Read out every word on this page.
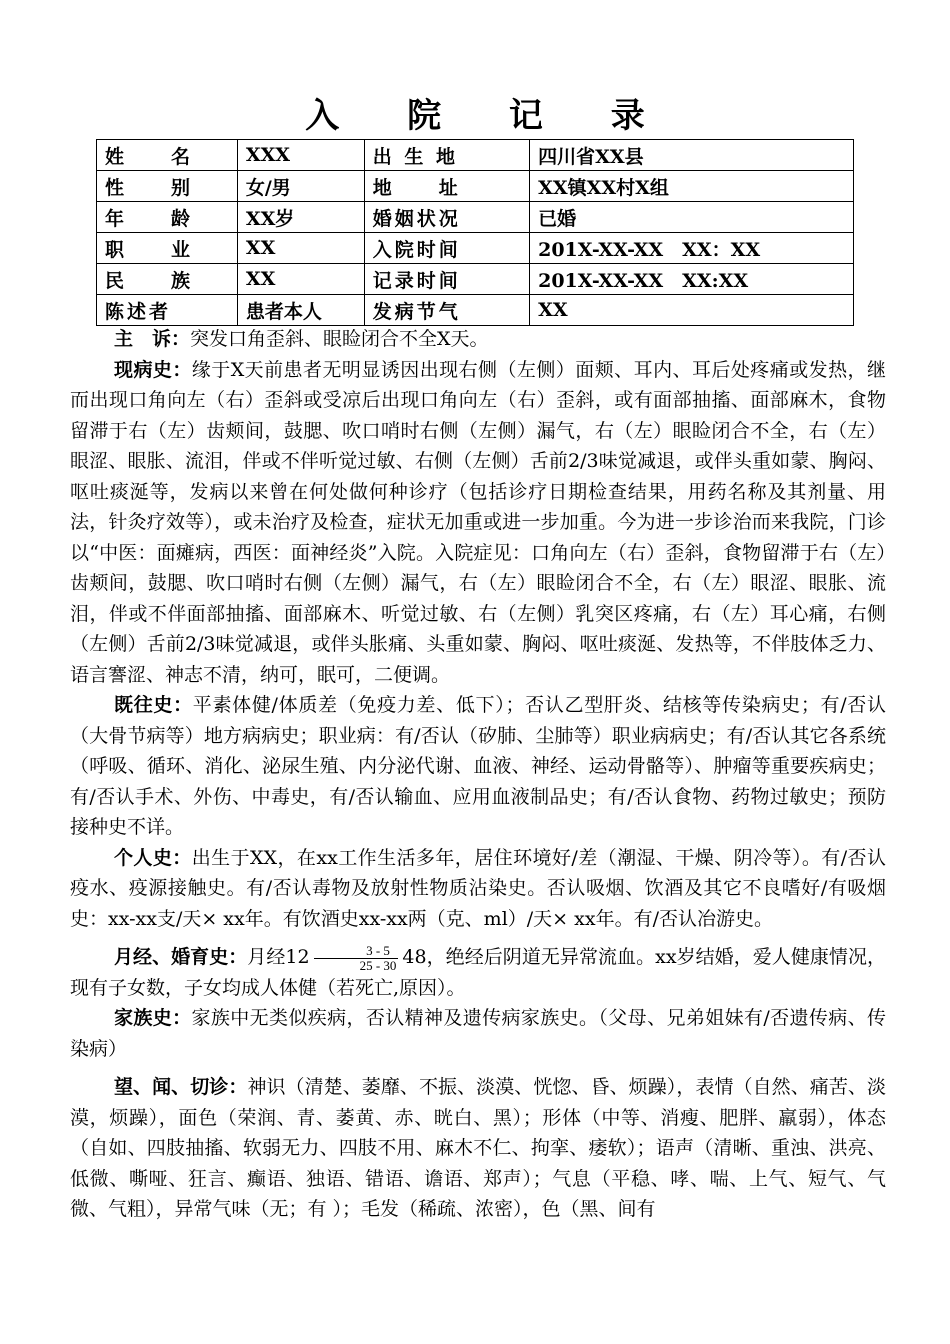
入 院 记 录
姓　　名	XXX	出 生 地	四川省XX县
性　　别	女/男	地　　址	XX镇XX村X组
年　　龄	XX岁	婚姻状况	已婚
职　　业	XX	入院时间	201X-XX-XX　XX：XX
民　　族	XX	记录时间	201X-XX-XX　XX:XX
陈述者	患者本人	发病节气	XX

主　诉：突发口角歪斜、眼睑闭合不全X天。

现病史：缘于X天前患者无明显诱因出现右侧（左侧）面颊、耳内、耳后处疼痛或发热，继而出现口角向左（右）歪斜或受凉后出现口角向左（右）歪斜，或有面部抽搐、面部麻木，食物留滞于右（左）齿颊间，鼓腮、吹口哨时右侧（左侧）漏气，右（左）眼睑闭合不全，右（左）眼涩、眼胀、流泪，伴或不伴听觉过敏、右侧（左侧）舌前2/3味觉减退，或伴头重如蒙、胸闷、呕吐痰涎等，发病以来曾在何处做何种诊疗（包括诊疗日期检查结果，用药名称及其剂量、用法，针灸疗效等），或未治疗及检查，症状无加重或进一步加重。今为进一步诊治而来我院，门诊以“中医：面瘫病，西医：面神经炎”入院。入院症见：口角向左（右）歪斜，食物留滞于右（左）齿颊间，鼓腮、吹口哨时右侧（左侧）漏气，右（左）眼睑闭合不全，右（左）眼涩、眼胀、流泪，伴或不伴面部抽搐、面部麻木、听觉过敏、右（左侧）乳突区疼痛，右（左）耳心痛，右侧（左侧）舌前2/3味觉减退，或伴头胀痛、头重如蒙、胸闷、呕吐痰涎、发热等，不伴肢体乏力、语言謇涩、神志不清，纳可，眠可，二便调。

既往史：平素体健/体质差（免疫力差、低下）；否认乙型肝炎、结核等传染病史；有/否认（大骨节病等）地方病病史；职业病：有/否认（矽肺、尘肺等）职业病病史；有/否认其它各系统（呼吸、循环、消化、泌尿生殖、内分泌代谢、血液、神经、运动骨骼等）、肿瘤等重要疾病史；有/否认手术、外伤、中毒史，有/否认输血、应用血液制品史；有/否认食物、药物过敏史；预防接种史不详。

个人史：出生于XX，在xx工作生活多年，居住环境好/差（潮湿、干燥、阴冷等）。有/否认疫水、疫源接触史。有/否认毒物及放射性物质沾染史。否认吸烟、饮酒及其它不良嗜好/有吸烟史：xx-xx支/天× xx年。有饮酒史xx-xx两（克、ml）/天× xx年。有/否认冶游史。

月经、婚育史：月经$12 \frac{3 - 5}{25 - 30} 48$，绝经后阴道无异常流血。xx岁结婚，爱人健康情况，现有子女数，子女均成人体健（若死亡,原因）。

家族史：家族中无类似疾病，否认精神及遗传病家族史。（父母、兄弟姐妹有/否遗传病、传染病）

望、闻、切诊：神识（清楚、萎靡、不振、淡漠、恍惚、昏、烦躁），表情（自然、痛苦、淡漠，烦躁），面色（荣润、青、萎黄、赤、晄白、黑）；形体（中等、消瘦、肥胖、羸弱），体态（自如、四肢抽搐、软弱无力、四肢不用、麻木不仁、拘挛、痿软）；语声（清晰、重浊、洪亮、低微、嘶哑、狂言、癫语、独语、错语、谵语、郑声）；气息（平稳、哮、喘、上气、短气、气微、气粗），异常气味（无；有 ）；毛发（稀疏、浓密），色（黑、间有
